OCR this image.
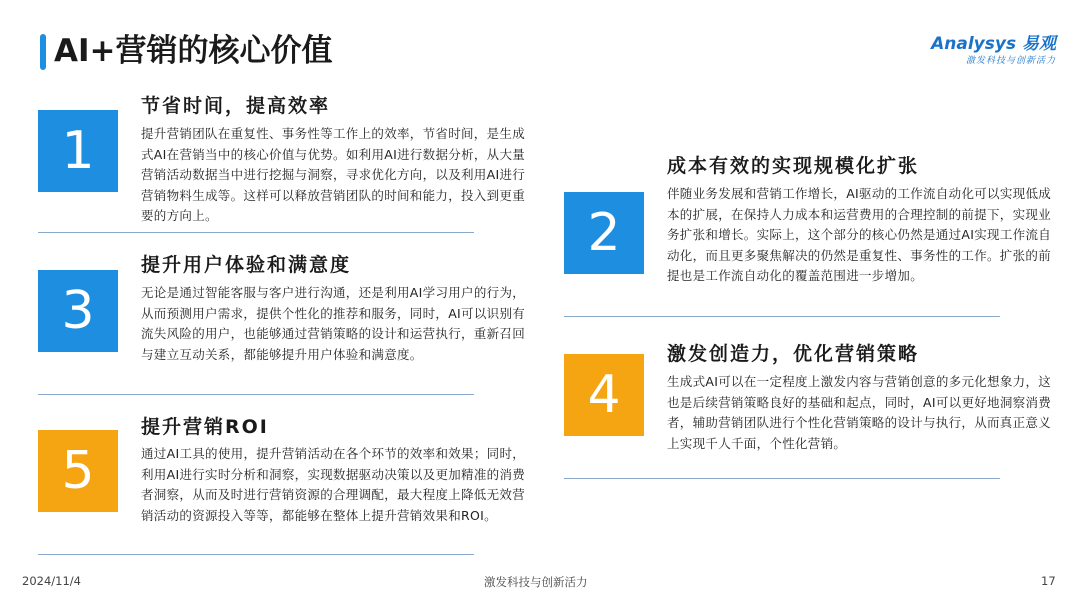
AI+营销的核心价值	Analysys 易观
激发科技与创新活力
1
节省时间，提高效率
提升营销团队在重复性、事务性等工作上的效率，节省时间，是生成式AI在营销当中的核心价值与优势。如利用AI进行数据分析，从大量营销活动数据当中进行挖掘与洞察，寻求优化方向，以及利用AI进行营销物料生成等。这样可以释放营销团队的时间和能力，投入到更重要的方向上。
3
提升用户体验和满意度
无论是通过智能客服与客户进行沟通，还是利用AI学习用户的行为，从而预测用户需求，提供个性化的推荐和服务，同时，AI可以识别有流失风险的用户，也能够通过营销策略的设计和运营执行，重新召回与建立互动关系，都能够提升用户体验和满意度。
5
提升营销ROI
通过AI工具的使用，提升营销活动在各个环节的效率和效果；同时，利用AI进行实时分析和洞察，实现数据驱动决策以及更加精准的消费者洞察，从而及时进行营销资源的合理调配，最大程度上降低无效营销活动的资源投入等等，都能够在整体上提升营销效果和ROI。
2
成本有效的实现规模化扩张
伴随业务发展和营销工作增长，AI驱动的工作流自动化可以实现低成本的扩展，在保持人力成本和运营费用的合理控制的前提下，实现业务扩张和增长。实际上，这个部分的核心仍然是通过AI实现工作流自动化，而且更多聚焦解决的仍然是重复性、事务性的工作。扩张的前提也是工作流自动化的覆盖范围进一步增加。
4
激发创造力，优化营销策略
生成式AI可以在一定程度上激发内容与营销创意的多元化想象力，这也是后续营销策略良好的基础和起点，同时，AI可以更好地洞察消费者，辅助营销团队进行个性化营销策略的设计与执行，从而真正意义上实现千人千面，个性化营销。
2024/11/4	激发科技与创新活力	17
